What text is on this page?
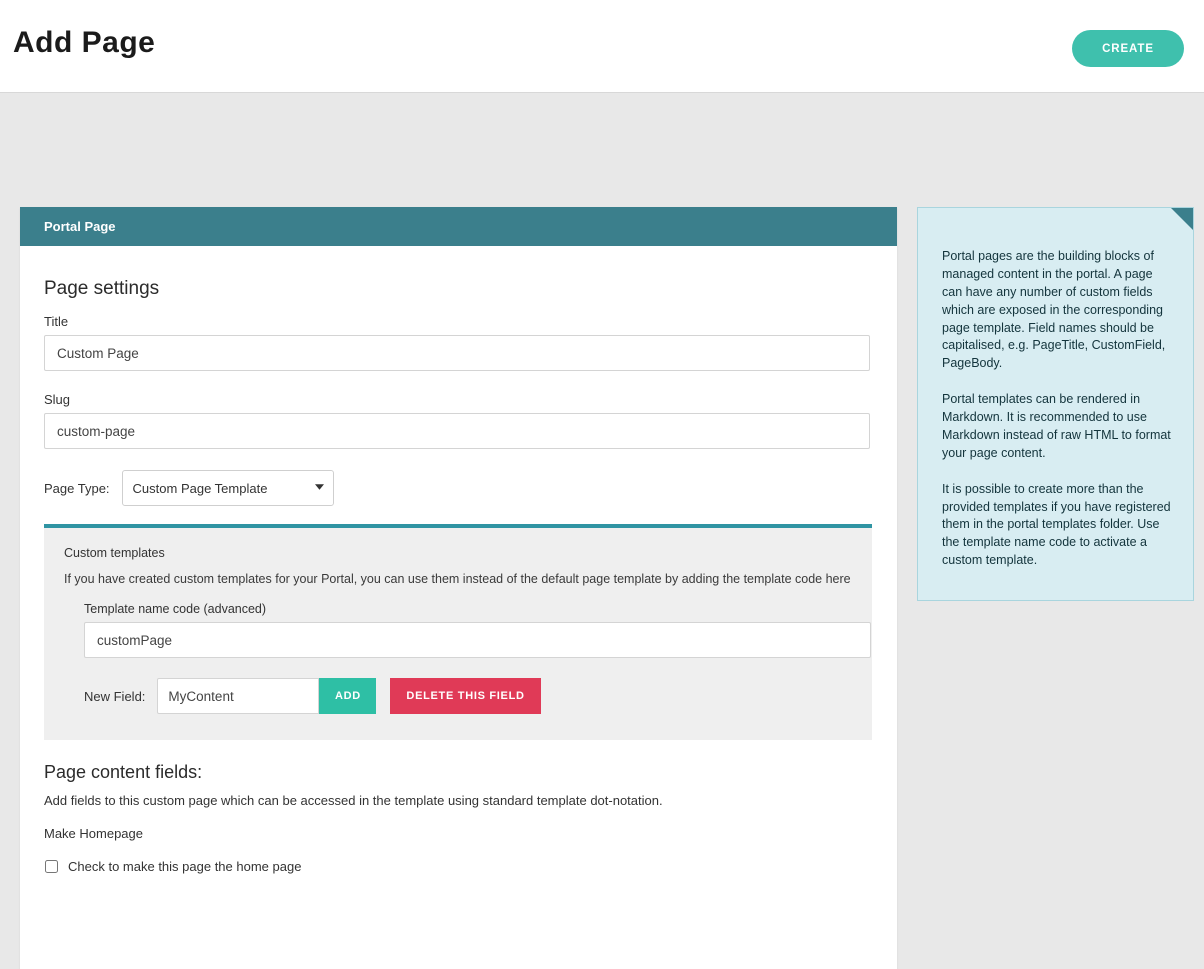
Add Page	CREATE
Portal Page
Page settings
Title
Custom Page
Slug
custom-page
Page Type:
Custom Page Template
Custom templates
If you have created custom templates for your Portal, you can use them instead of the default page template by adding the template code here
Template name code (advanced)
customPage
New Field:
MyContent	ADD	DELETE THIS FIELD
Page content fields:
Add fields to this custom page which can be accessed in the template using standard template dot-notation.
Make Homepage
Check to make this page the home page

Portal pages are the building blocks of managed content in the portal. A page can have any number of custom fields which are exposed in the corresponding page template. Field names should be capitalised, e.g. PageTitle, CustomField, PageBody.

Portal templates can be rendered in Markdown. It is recommended to use Markdown instead of raw HTML to format your page content.

It is possible to create more than the provided templates if you have registered them in the portal templates folder. Use the template name code to activate a custom template.
